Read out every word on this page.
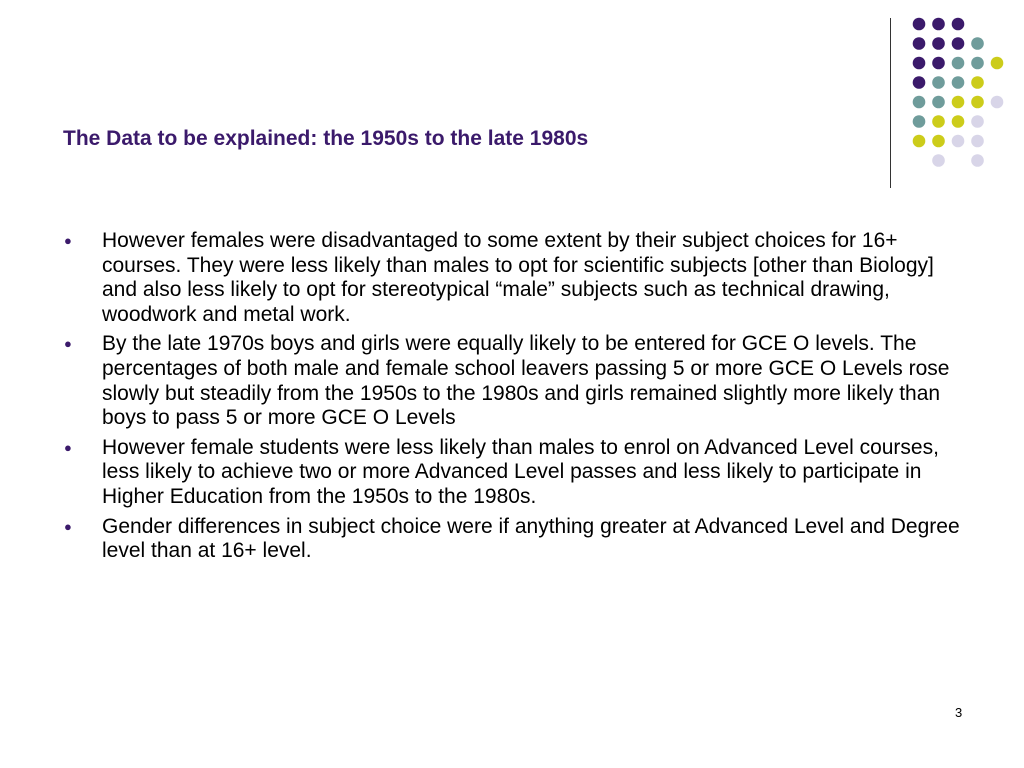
The Data to be explained: the 1950s to the late 1980s
● However females were disadvantaged to some extent by their subject choices for 16+ courses. They were less likely than males to opt for scientific subjects [other than Biology] and also less likely to opt for stereotypical “male” subjects such as technical drawing, woodwork and metal work.
● By the late 1970s boys and girls were equally likely to be entered for GCE O levels. The percentages of both male and female school leavers passing 5 or more GCE O Levels rose slowly but steadily from the 1950s to the 1980s and girls remained slightly more likely than boys to pass 5 or more GCE O Levels
● However female students were less likely than males to enrol on Advanced Level courses, less likely to achieve two or more Advanced Level passes and less likely to participate in Higher Education from the 1950s to the 1980s.
● Gender differences in subject choice were if anything greater at Advanced Level and Degree level than at 16+ level.
3
